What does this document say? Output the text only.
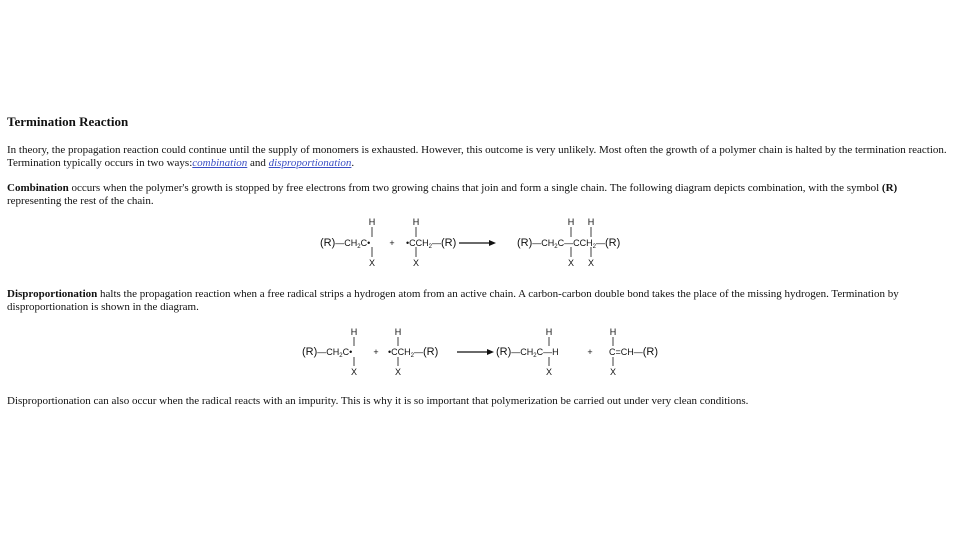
Termination Reaction

In theory, the propagation reaction could continue until the supply of monomers is exhausted. However, this outcome is very unlikely. Most often the growth of a polymer chain is halted by the termination reaction. Termination typically occurs in two ways:combination and disproportionation.

Combination occurs when the polymer's growth is stopped by free electrons from two growing chains that join and form a single chain. The following diagram depicts combination, with the symbol (R) representing the rest of the chain.

H	H	H H
X	X	X X
$(R)—CH_2C•$ + $•CCH_2—(R)$	$(R)—CH_2C—CCH_2—(R)$

Disproportionation halts the propagation reaction when a free radical strips a hydrogen atom from an active chain. A carbon-carbon double bond takes the place of the missing hydrogen. Termination by disproportionation is shown in the diagram.

H	H	H	H
X	X	X	X
$(R)—CH_2C•$ + $•CCH_2—(R)$	$(R)—CH_2C—H$	+ C=CH—(R)

Disproportionation can also occur when the radical reacts with an impurity. This is why it is so important that polymerization be carried out under very clean conditions.
